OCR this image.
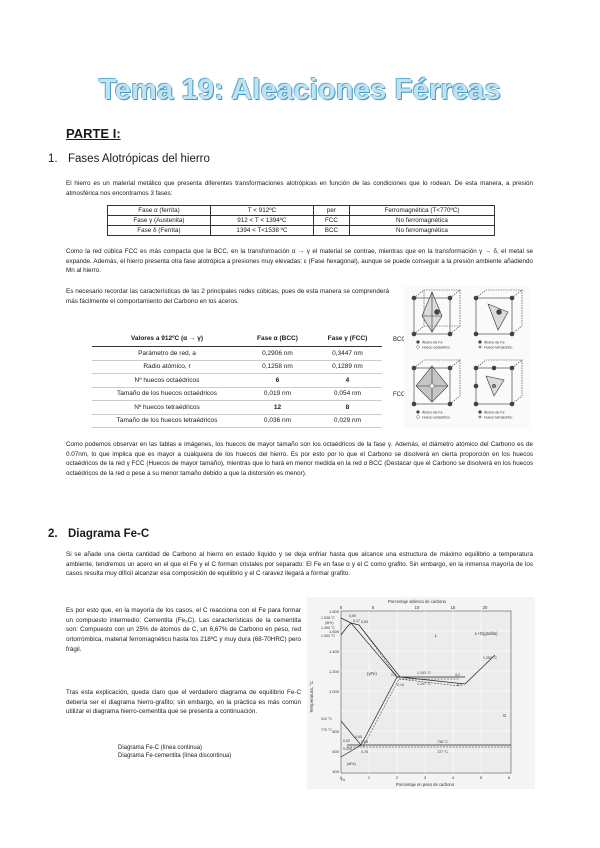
Tema 19: Aleaciones Férreas
PARTE I:
1. Fases Alotrópicas del hierro
El hierro es un material metálico que presenta diferentes transformaciones alotrópicas en función de las condiciones que lo rodean. De esta manera, a presión atmosférica nos encontramos 3 fases:
Fase α (ferrita)	T < 912ºC	per	Ferromagnética (T<770ºC)
Fase γ (Austenita)	912 < T < 1394ºC	FCC	No ferromagnética
Fase δ (Ferrita)	1394 < T<1538 ºC	BCC	No ferromagnética
Como la red cúbica FCC es más compacta que la BCC, en la transformación α → γ el material se contrae, mientras que en la transformación γ → δ, el metal se expande. Además, el hierro presenta otra fase alotrópica a presiones muy elevadas: ε (Fase hexagonal), aunque se puede conseguir a la presión ambiente añadiendo Mn al hierro.
Es necesario recordar las características de las 2 principales redes cúbicas, pues de esta manera se comprenderá más fácilmente el comportamiento del Carbono en los aceros.
Valores a 912ºC (α → γ)	Fase α (BCC)	Fase γ (FCC)
Parámetro de red, a	0,2906 nm	0,3447 nm
Radio atómico, r	0,1258 nm	0,1289 nm
Nº huecos octaédricos	6	4
Tamaño de los huecos octaédricos	0,019 nm	0,054 nm
Nº huecos tetraédricos	12	8
Tamaño de los huecos tetraédricos	0,036 nm	0,029 nm
BCC
FCC
Átomo de Fe
Hueco octaédrico
Átomo de Fe
Hueco tetraédrico
Átomo de Fe
Hueco octaédrico
Átomo de Fe
Hueco tetraédrico
Como podemos observar en las tablas e imágenes, los huecos de mayor tamaño son los octaédricos de la fase γ. Además, el diámetro atómico del Carbono es de 0.07nm, lo que implica que es mayor a cualquiera de los huecos del hierro. Es por esto por lo que el Carbono se disolverá en cierta proporción en los huecos octaédricos de la red γ FCC (Huecos de mayor tamaño), mientras que lo hará en menor medida en la red α BCC (Destacar que el Carbono se disolverá en los huecos octaédricos de la red α pese a su menor tamaño debido a que la distorsión es menor).
2. Diagrama Fe-C
Si se añade una cierta cantidad de Carbono al hierro en estado líquido y se deja enfriar hasta que alcance una estructura de máximo equilibrio a temperatura ambiente, tendremos un acero en el que el Fe y el C forman cristales por separado: El Fe en fase α y el C como grafito. Sin embargo, en la inmensa mayoría de los casos resulta muy difícil alcanzar esa composición de equilibrio y el C raravez llegará a formar grafito.
Es por esto que, en la mayoría de los casos, el C reacciona con el Fe para formar un compuesto intermedio: Cementita (Fe₃C). Las características de la cementita son: Compuesto con un 25% de átomos de C, un 6,67% de Carbono en peso, red ortorrómbica, material ferromagnético hasta los 218ºC y muy dura (68-70HRC) pero frágil.
Tras esta explicación, queda claro que el verdadero diagrama de equilibrio Fe-C debería ser el diagrama hierro-grafito; sin embargo, en la práctica es más común utilizar el diagrama hierro-cementita que se presenta a continuación.
Diagrama Fe-C (línea continua)
Diagrama Fe-cementita (línea discontinua)
Porcentaje atómico de carbono
0	5	10	15	20
1.800
1.600
1.400
1.200
1.000
800
600
400
Temperatura, °C
1.538 °C
(δFe)
1.495 °C
1.394 °C
912 °C
770 °C
(αFe)
Fe
0,09
0,17 0,53
2,1
2,14	4,3
4,2
0,65
0,68
0,022
0,76
0,02
1.153 °C
1.147 °C
738 °C
727 °C
1.252 °C
L	L+G(grafito)
(γFe)
G
0	1	2	3	4	5	6
Porcentaje en peso de carbono
